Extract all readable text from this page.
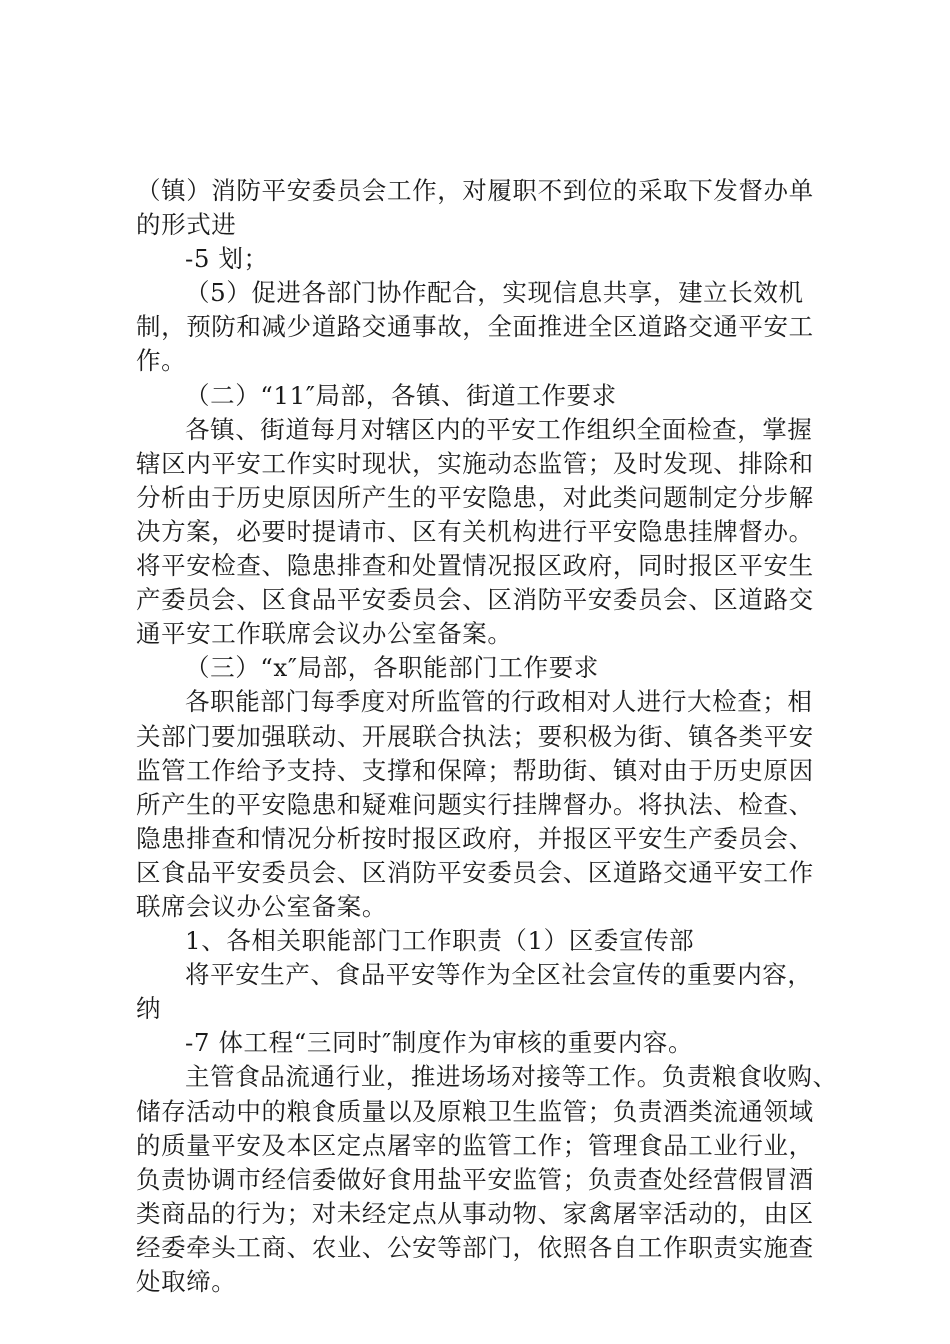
（镇）消防平安委员会工作，对履职不到位的采取下发督办单
的形式进
-5 划；
（5）促进各部门协作配合，实现信息共享，建立长效机
制，预防和减少道路交通事故，全面推进全区道路交通平安工
作。
（二）“11″局部，各镇、街道工作要求
各镇、街道每月对辖区内的平安工作组织全面检查，掌握
辖区内平安工作实时现状，实施动态监管；及时发现、排除和
分析由于历史原因所产生的平安隐患，对此类问题制定分步解
决方案，必要时提请市、区有关机构进行平安隐患挂牌督办。
将平安检查、隐患排查和处置情况报区政府，同时报区平安生
产委员会、区食品平安委员会、区消防平安委员会、区道路交
通平安工作联席会议办公室备案。
（三）“x″局部，各职能部门工作要求
各职能部门每季度对所监管的行政相对人进行大检查；相
关部门要加强联动、开展联合执法；要积极为街、镇各类平安
监管工作给予支持、支撑和保障；帮助街、镇对由于历史原因
所产生的平安隐患和疑难问题实行挂牌督办。将执法、检查、
隐患排查和情况分析按时报区政府，并报区平安生产委员会、
区食品平安委员会、区消防平安委员会、区道路交通平安工作
联席会议办公室备案。
1、各相关职能部门工作职责（1）区委宣传部
将平安生产、食品平安等作为全区社会宣传的重要内容，
纳
-7 体工程“三同时″制度作为审核的重要内容。
主管食品流通行业，推进场场对接等工作。负责粮食收购、
储存活动中的粮食质量以及原粮卫生监管；负责酒类流通领域
的质量平安及本区定点屠宰的监管工作；管理食品工业行业，
负责协调市经信委做好食用盐平安监管；负责查处经营假冒酒
类商品的行为；对未经定点从事动物、家禽屠宰活动的，由区
经委牵头工商、农业、公安等部门，依照各自工作职责实施查
处取缔。
